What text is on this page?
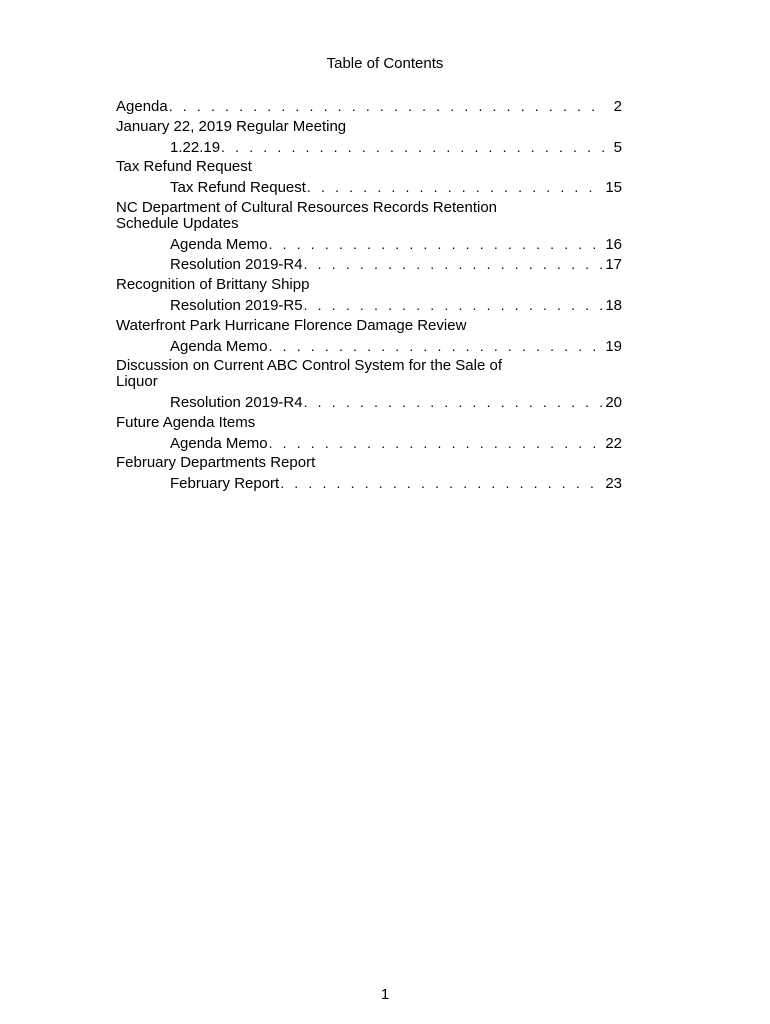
Table of Contents
Agenda . . .	2
January 22, 2019 Regular Meeting
1.22.19 . . .	5
Tax Refund Request
Tax Refund Request . . .	15
NC Department of Cultural Resources Records Retention Schedule Updates
Agenda Memo . . .	16
Resolution 2019-R4 . . .	17
Recognition of Brittany Shipp
Resolution 2019-R5 . . .	18
Waterfront Park Hurricane Florence Damage Review
Agenda Memo . . .	19
Discussion on Current ABC Control System for the Sale of Liquor
Resolution 2019-R4 . . .	20
Future Agenda Items
Agenda Memo . . .	22
February Departments Report
February Report . . .	23
1
